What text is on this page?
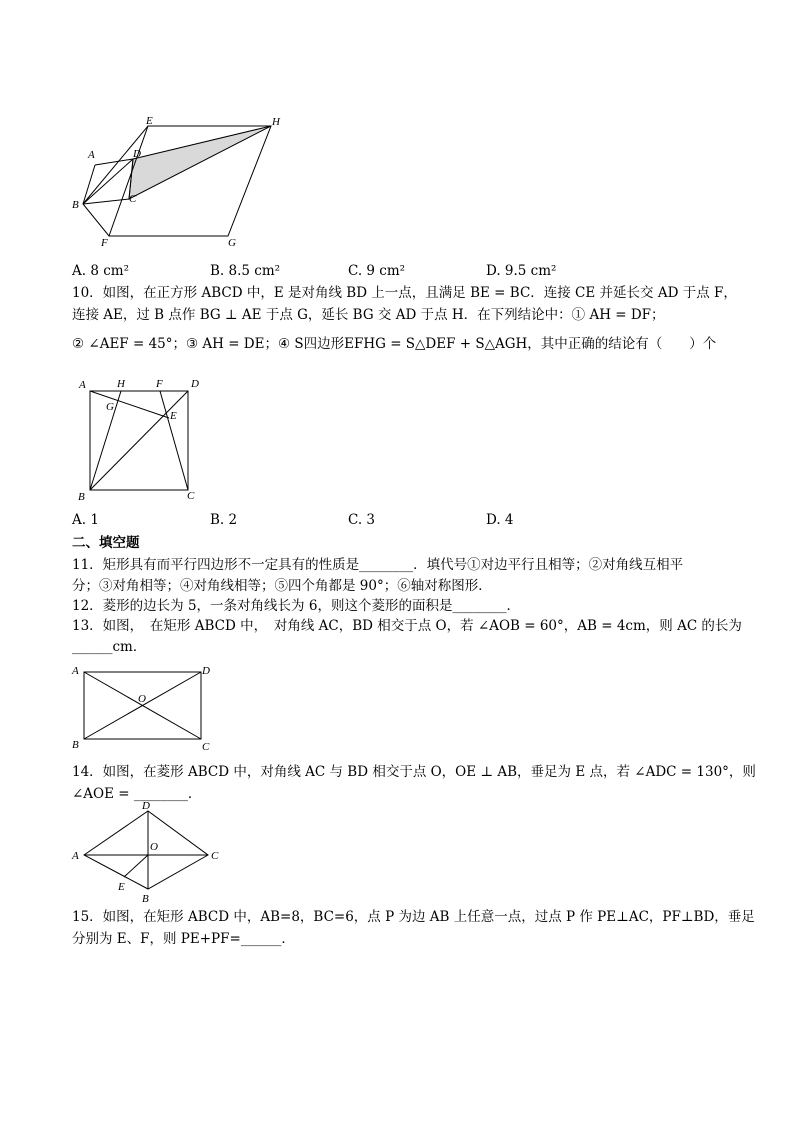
E	H
A	D
B	C
F	G
A. 8 cm²	B. 8.5 cm²	C. 9 cm²	D. 9.5 cm²
10．如图，在正方形 ABCD 中，E 是对角线 BD 上一点，且满足 BE = BC．连接 CE 并延长交 AD 于点 F，
连接 AE，过 B 点作 BG ⊥ AE 于点 G，延长 BG 交 AD 于点 H．在下列结论中：① AH = DF；
② ∠AEF = 45°；③ AH = DE；④ S四边形EFHG = S△DEF + S△AGH，其中正确的结论有（　　）个
A	H	F	D
G
E
B	C
A. 1	B. 2	C. 3	D. 4
二、填空题
11．矩形具有而平行四边形不一定具有的性质是________．填代号①对边平行且相等；②对角线互相平
分；③对角相等；④对角线相等；⑤四个角都是 90°；⑥轴对称图形．
12．菱形的边长为 5，一条对角线长为 6，则这个菱形的面积是________．
13．如图，　在矩形 ABCD 中，　对角线 AC，BD 相交于点 O，若 ∠AOB = 60°，AB = 4cm，则 AC 的长为
______cm．
A	D
O
B	C
14．如图，在菱形 ABCD 中，对角线 AC 与 BD 相交于点 O，OE ⊥ AB，垂足为 E 点，若 ∠ADC = 130°，则
∠AOE = ________．
D
A
O
C
E
B
15．如图，在矩形 ABCD 中，AB=8，BC=6，点 P 为边 AB 上任意一点，过点 P 作 PE⊥AC，PF⊥BD，垂足
分别为 E、F，则 PE+PF=______．
